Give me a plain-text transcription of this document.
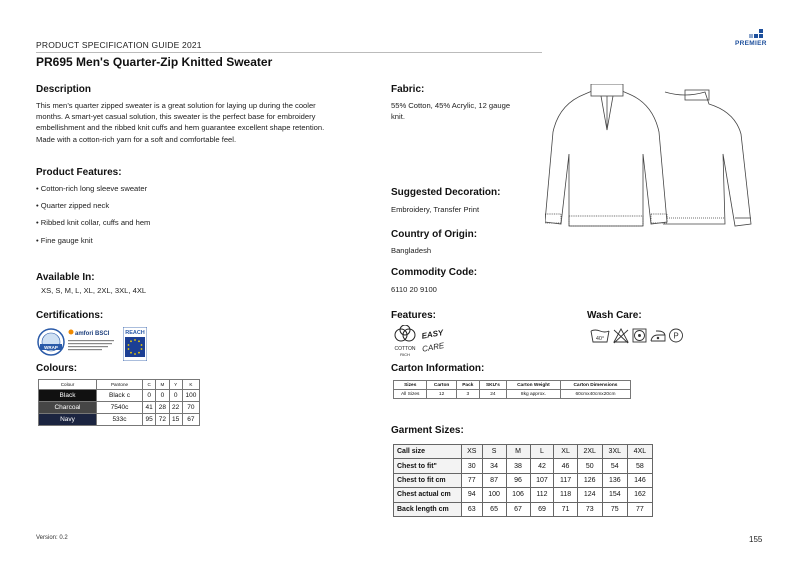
PRODUCT SPECIFICATION GUIDE 2021
PR695 Men's Quarter-Zip Knitted Sweater
PREMIER
Description
This men’s quarter zipped sweater is a great solution for laying up during the cooler
months. A smart-yet casual solution, this sweater is the perfect base for embroidery
embellishment and the ribbed knit cuffs and hem guarantee excellent shape retention.
Made with a cotton-rich yarn for a soft and comfortable feel.
Product Features:
• Cotton-rich long sleeve sweater
• Quarter zipped neck
• Ribbed knit collar, cuffs and hem
• Fine gauge knit
Available In:
XS, S, M, L, XL, 2XL, 3XL, 4XL
Certifications:
WRAP
amfori BSCI	REACH
Colours:
Colour	Pantone	C	M	Y	K
Black	Black c	0	0	0	100
Charcoal	7540c	41	28	22	70
Navy	533c	95	72	15	67
Fabric:
55% Cotton, 45% Acrylic, 12 gauge
knit.
Suggested Decoration:
Embroidery, Transfer Print
Country of Origin:
Bangladesh
Commodity Code:
6110 20 9100
Features:
COTTON
RICH
EASY
CARE
Wash Care:
40°	P
Carton Information:
Sizes	Carton	Pack	SKU's	Carton Weight	Carton Dimensions
All Sizes	12	3	24	8kg approx.	60cmx40cmx20cm
Garment Sizes:
Call size	XS	S	M	L	XL	2XL	3XL	4XL
Chest to fit"	30	34	38	42	46	50	54	58
Chest to fit cm	77	87	96	107	117	126	136	146
Chest actual cm	94	100	106	112	118	124	154	162
Back length cm	63	65	67	69	71	73	75	77
Version: 0.2	155
